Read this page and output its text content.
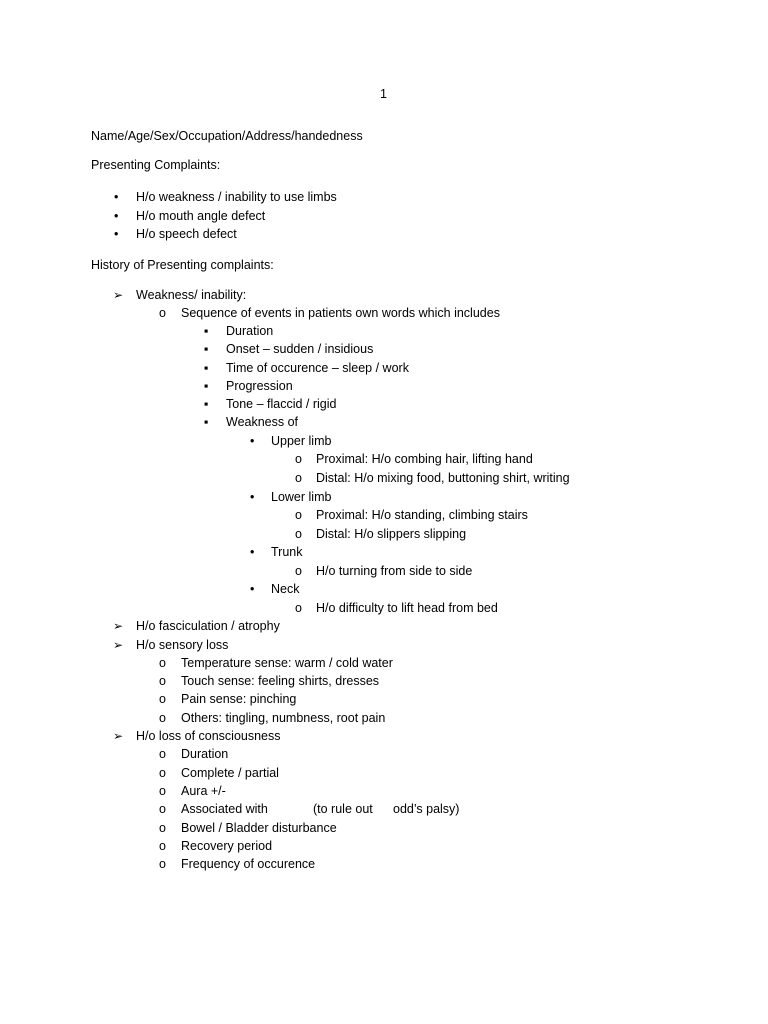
1
Name/Age/Sex/Occupation/Address/handedness
Presenting Complaints:
•
H/o weakness / inability to use limbs
•
H/o mouth angle defect
•
H/o speech defect
History of Presenting complaints:
➢
Weakness/ inability:
o
Sequence of events in patients own words which includes
▪
Duration
▪
Onset – sudden / insidious
▪
Time of occurence – sleep / work
▪
Progression
▪
Tone – flaccid / rigid
▪
Weakness of
•
Upper limb
o
Proximal: H/o combing hair, lifting hand
o
Distal: H/o mixing food, buttoning shirt, writing
•
Lower limb
o
Proximal: H/o standing, climbing stairs
o
Distal: H/o slippers slipping
•
Trunk
o
H/o turning from side to side
•
Neck
o
H/o difficulty to lift head from bed
➢
H/o fasciculation / atrophy
➢
H/o sensory loss
o
Temperature sense: warm / cold water
o
Touch sense: feeling shirts, dresses
o
Pain sense: pinching
o
Others: tingling, numbness, root pain
➢
H/o loss of consciousness
o
Duration
o
Complete / partial
o
Aura +/-
o
Associated with	(to rule out odd’s palsy)
o
Bowel / Bladder disturbance
o
Recovery period
o
Frequency of occurence
